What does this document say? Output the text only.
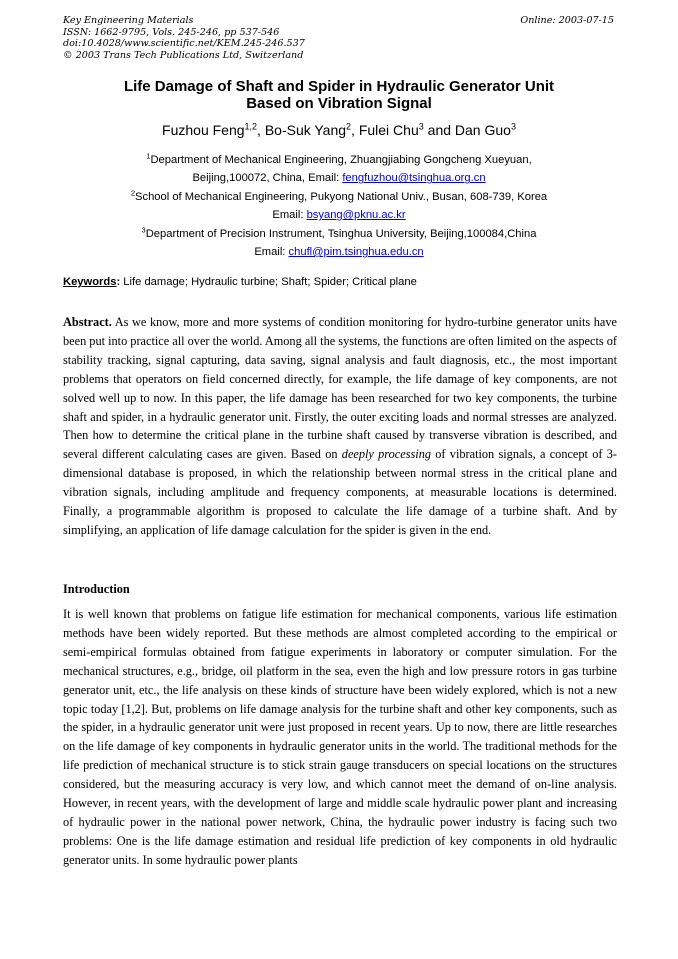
Key Engineering Materials
ISSN: 1662-9795, Vols. 245-246, pp 537-546
doi:10.4028/www.scientific.net/KEM.245-246.537
© 2003 Trans Tech Publications Ltd, Switzerland
Online: 2003-07-15
Life Damage of Shaft and Spider in Hydraulic Generator Unit
Based on Vibration Signal
Fuzhou Feng$^{1,2}$, Bo-Suk Yang$^2$, Fulei Chu$^3$ and Dan Guo$^3$
$^1$Department of Mechanical Engineering, Zhuangjiabing Gongcheng Xueyuan,
Beijing,100072, China, Email: fengfuzhou@tsinghua.org.cn
$^2$School of Mechanical Engineering, Pukyong National Univ., Busan, 608-739, Korea
Email: bsyang@pknu.ac.kr
$^3$Department of Precision Instrument, Tsinghua University, Beijing,100084,China
Email: chufl@pim.tsinghua.edu.cn
Keywords: Life damage; Hydraulic turbine; Shaft; Spider; Critical plane
Abstract. As we know, more and more systems of condition monitoring for hydro-turbine generator units have been put into practice all over the world. Among all the systems, the functions are often limited on the aspects of stability tracking, signal capturing, data saving, signal analysis and fault diagnosis, etc., the most important problems that operators on field concerned directly, for example, the life damage of key components, are not solved well up to now. In this paper, the life damage has been researched for two key components, the turbine shaft and spider, in a hydraulic generator unit. Firstly, the outer exciting loads and normal stresses are analyzed. Then how to determine the critical plane in the turbine shaft caused by transverse vibration is described, and several different calculating cases are given. Based on deeply processing of vibration signals, a concept of 3-dimensional database is proposed, in which the relationship between normal stress in the critical plane and vibration signals, including amplitude and frequency components, at measurable locations is determined. Finally, a programmable algorithm is proposed to calculate the life damage of a turbine shaft. And by simplifying, an application of life damage calculation for the spider is given in the end.
Introduction
It is well known that problems on fatigue life estimation for mechanical components, various life estimation methods have been widely reported. But these methods are almost completed according to the empirical or semi-empirical formulas obtained from fatigue experiments in laboratory or computer simulation. For the mechanical structures, e.g., bridge, oil platform in the sea, even the high and low pressure rotors in gas turbine generator unit, etc., the life analysis on these kinds of structure have been widely explored, which is not a new topic today [1,2]. But, problems on life damage analysis for the turbine shaft and other key components, such as the spider, in a hydraulic generator unit were just proposed in recent years. Up to now, there are little researches on the life damage of key components in hydraulic generator units in the world. The traditional methods for the life prediction of mechanical structure is to stick strain gauge transducers on special locations on the structures considered, but the measuring accuracy is very low, and which cannot meet the demand of on-line analysis. However, in recent years, with the development of large and middle scale hydraulic power plant and increasing of hydraulic power in the national power network, China, the hydraulic power industry is facing such two problems: One is the life damage estimation and residual life prediction of key components in old hydraulic generator units. In some hydraulic power plants
